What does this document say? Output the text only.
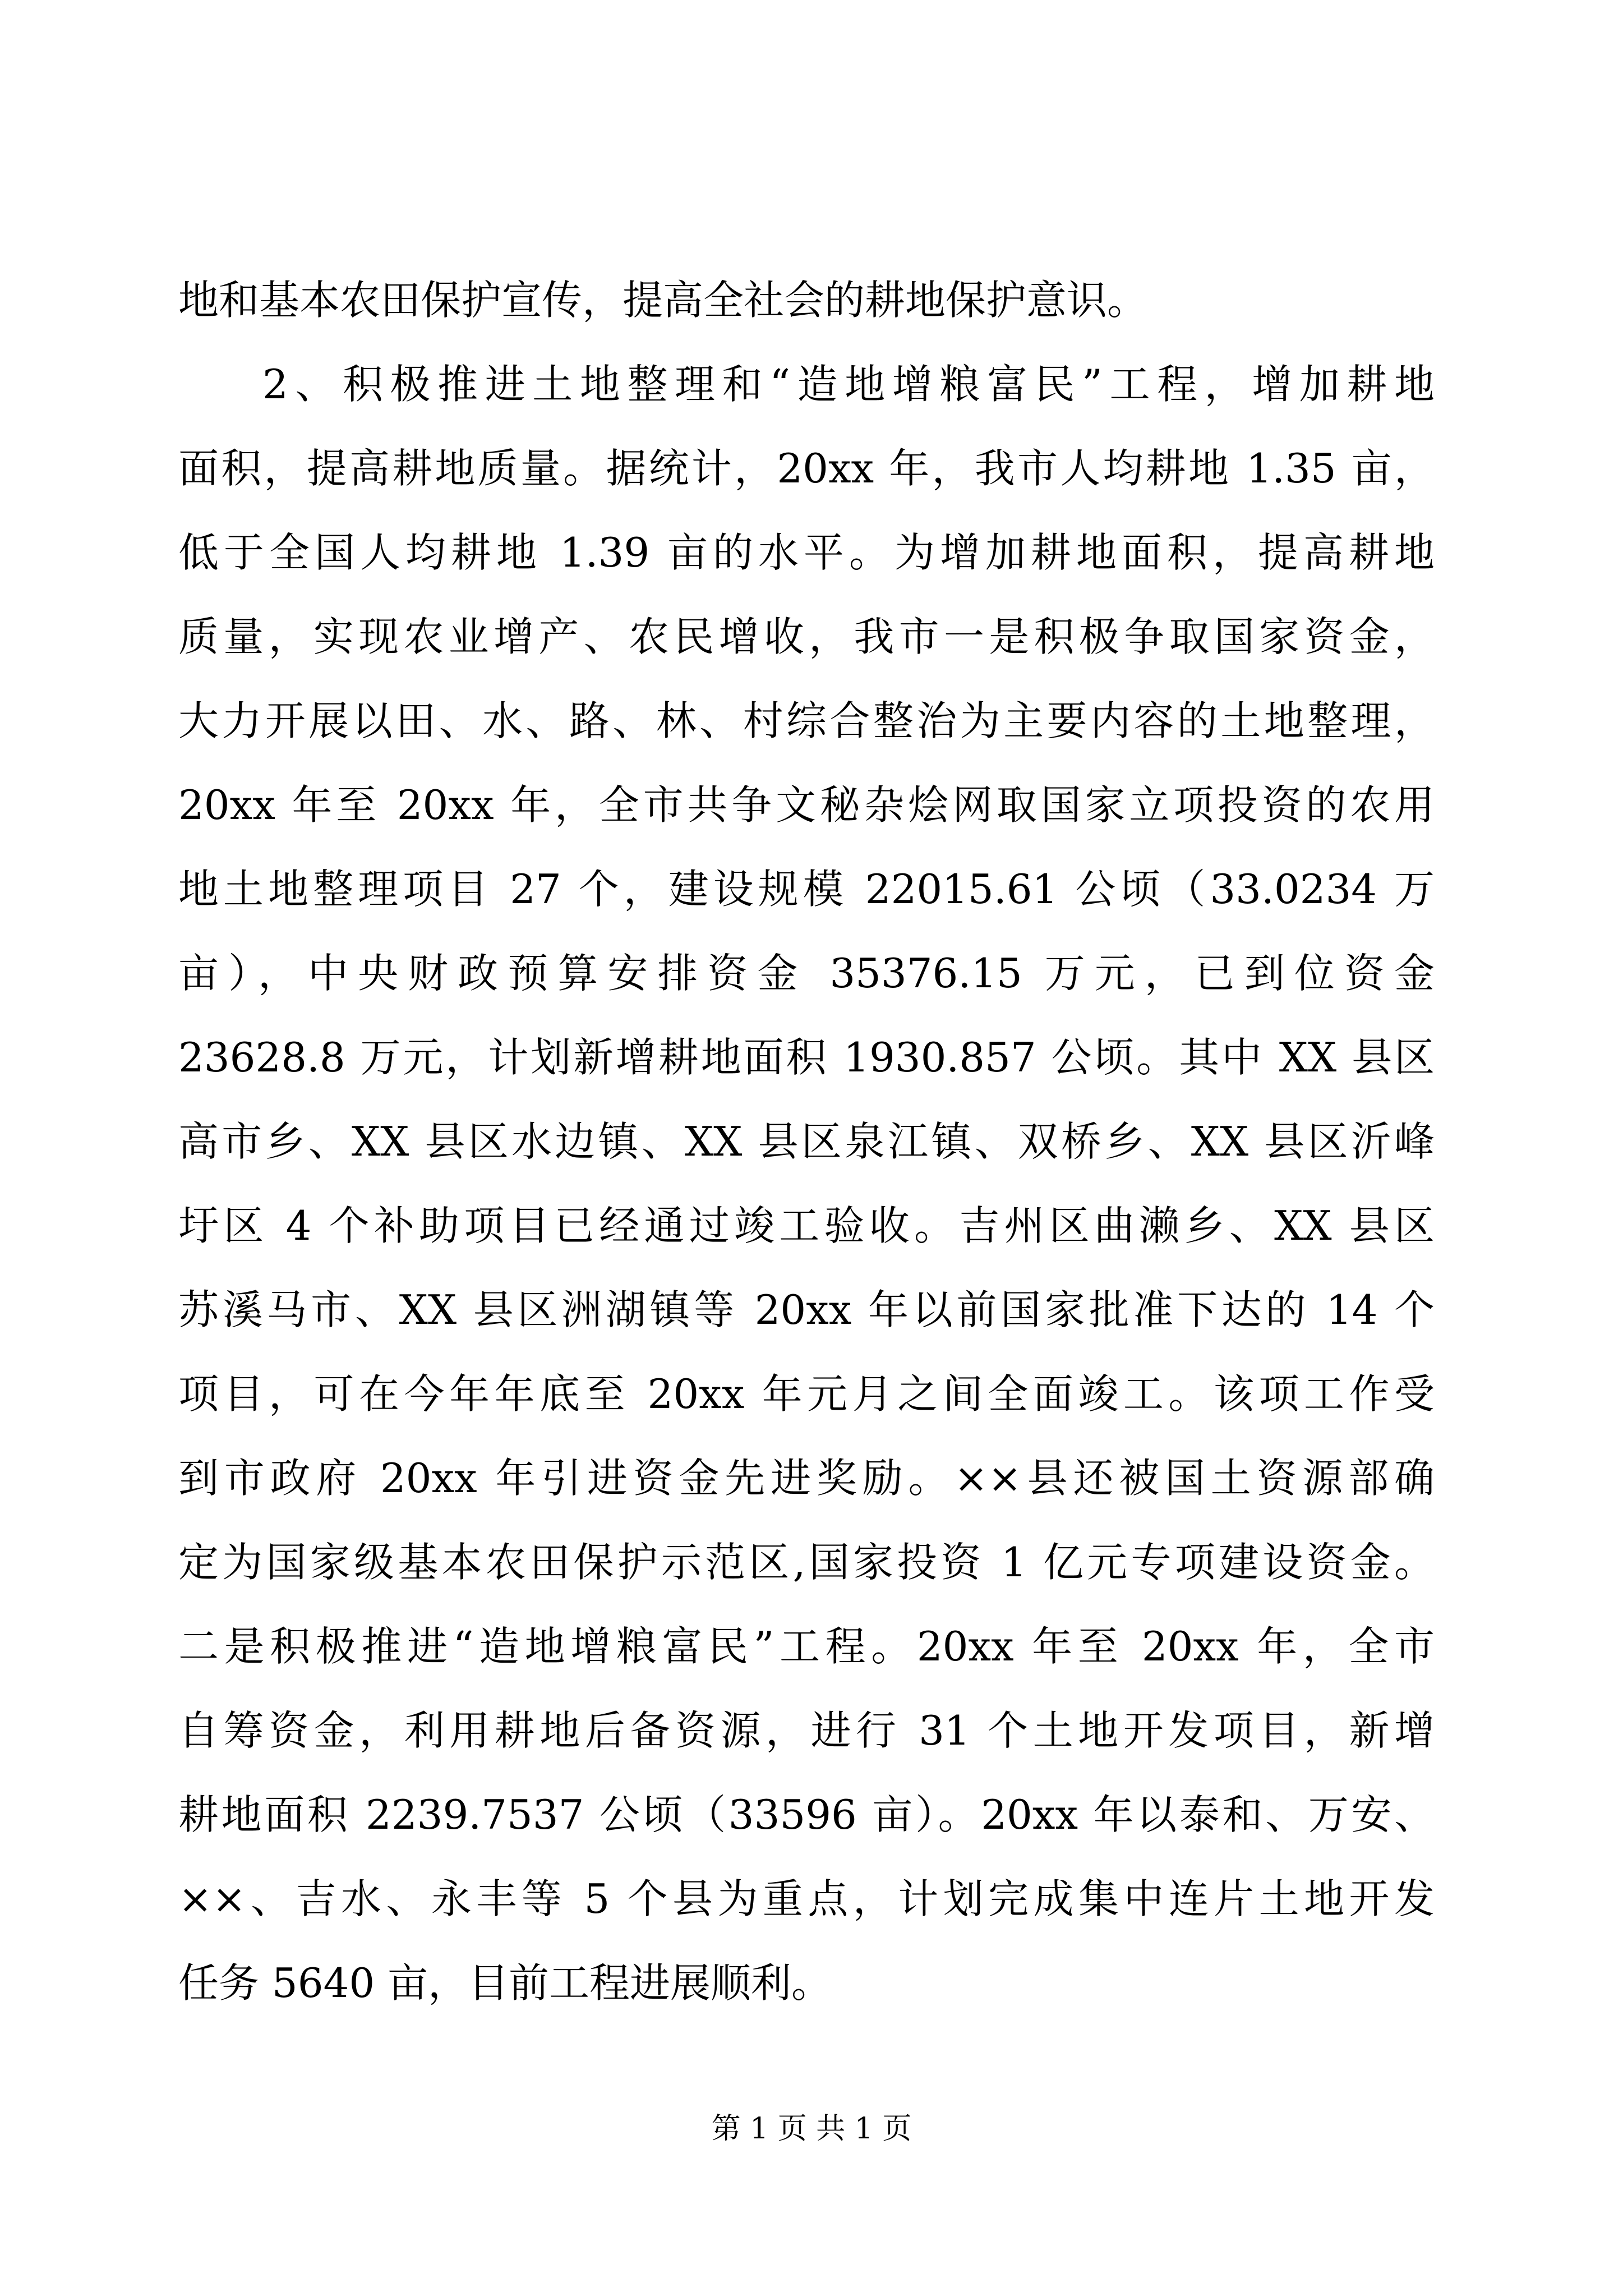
地和基本农田保护宣传，提高全社会的耕地保护意识。
2、积极推进土地整理和“造地增粮富民”工程，增加耕地
面积，提高耕地质量。据统计，20xx 年，我市人均耕地 1.35 亩，
低于全国人均耕地 1.39 亩的水平。为增加耕地面积，提高耕地
质量，实现农业增产、农民增收，我市一是积极争取国家资金，
大力开展以田、水、路、林、村综合整治为主要内容的土地整理，
20xx 年至 20xx 年，全市共争文秘杂烩网取国家立项投资的农用
地土地整理项目 27 个，建设规模 22015.61 公顷（33.0234 万
亩），中央财政预算安排资金 35376.15 万元，已到位资金
23628.8 万元，计划新增耕地面积 1930.857 公顷。其中 XX 县区
高市乡、XX 县区水边镇、XX 县区泉江镇、双桥乡、XX 县区沂峰
圩区 4 个补助项目已经通过竣工验收。吉州区曲濑乡、XX 县区
苏溪马市、XX 县区洲湖镇等 20xx 年以前国家批准下达的 14 个
项目，可在今年年底至 20xx 年元月之间全面竣工。该项工作受
到市政府 20xx 年引进资金先进奖励。××县还被国土资源部确
定为国家级基本农田保护示范区,国家投资 1 亿元专项建设资金。
二是积极推进“造地增粮富民”工程。20xx 年至 20xx 年，全市
自筹资金，利用耕地后备资源，进行 31 个土地开发项目，新增
耕地面积 2239.7537 公顷（33596 亩）。20xx 年以泰和、万安、
××、吉水、永丰等 5 个县为重点，计划完成集中连片土地开发
任务 5640 亩，目前工程进展顺利。
第 1 页 共 1 页
